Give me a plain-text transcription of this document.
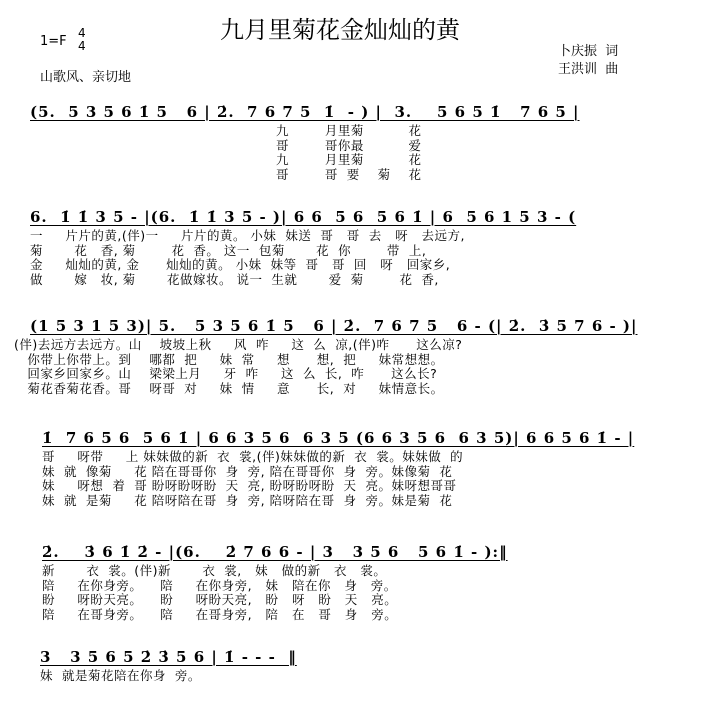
九月里菊花金灿灿的黄
1=F
4
4
山歌风、亲切地
卜庆振  词
王洪训  曲
(5.  5 3 5 6 1̇ 5   6 | 2̇.  7 6 7 5  1̇  - ) |  3.    5 6 5 1̇   7 6 5 |
九        月里菊          花
哥        哥你最          爱
九        月里菊          花
哥        哥  要    菊    花
6.  1̇ 1̇ 3 5 - |(6.  1̇ 1̇ 3 5 - )| 6 6  5 6  5 6 1̇ | 6  5 6 1 5 3 - (
一     片片的黄,(伴)一     片片的黄。 小妹  妹送  哥   哥  去   呀   去远方,
菊       花   香, 菊        花  香。 这一  包菊       花  你        带  上,
金     灿灿的黄, 金      灿灿的黄。 小妹  妹等  哥   哥  回   呀   回家乡,
做       嫁   妆, 菊       花做嫁妆。 说一  生就       爱  菊        花  香,
(1 5 3 1 5 3)| 5.   5 3 5 6 1̇ 5   6 | 2̇.  7 6 7 5   6 - (| 2̇.  3̇ 5 7 6 - )|
(伴)去远方去远方。山    坡坡上秋     风  咋     这  么  凉,(伴)咋      这么凉?
你带上你带上。到    哪都  把     妹  常     想      想,  把     妹常想想。
回家乡回家乡。山    梁梁上月     牙  咋     这  么  长,  咋      这么长?
菊花香菊花香。哥    呀哥  对     妹  情     意      长,  对     妹情意长。
1̇  7 6 5 6  5 6 1̇ | 6 6 3 5 6  6 3 5 (6 6 3 5 6  6 3 5)| 6 6 5 6 1̇ - |
哥     呀带     上 妹妹做的新  衣  裳,(伴)妹妹做的新  衣  裳。妹妹做  的
妹  就  像菊     花 陪在哥哥你  身  旁, 陪在哥哥你  身  旁。妹像菊  花
妹     呀想  着  哥 盼呀盼呀盼  天  亮, 盼呀盼呀盼  天  亮。妹呀想哥哥
妹  就  是菊     花 陪呀陪在哥  身  旁, 陪呀陪在哥  身  旁。妹是菊  花
2̇.    3̇ 6 1̇ 2̇ - |(6.    2̇ 7 6 6 - | 3   3 5 6   5 6 1̇ - ):‖
新       衣  裳。(伴)新       衣  裳,   妹   做的新   衣   裳。
陪     在你身旁。    陪     在你身旁,   妹   陪在你   身   旁。
盼     呀盼天亮。    盼     呀盼天亮,   盼   呀   盼   天   亮。
陪     在哥身旁。    陪     在哥身旁,   陪   在   哥   身   旁。
3   3 5 6 5 2̇ 3̇ 5 6 | 1̇ - - -  ‖
妹  就是菊花陪在你身  旁。
